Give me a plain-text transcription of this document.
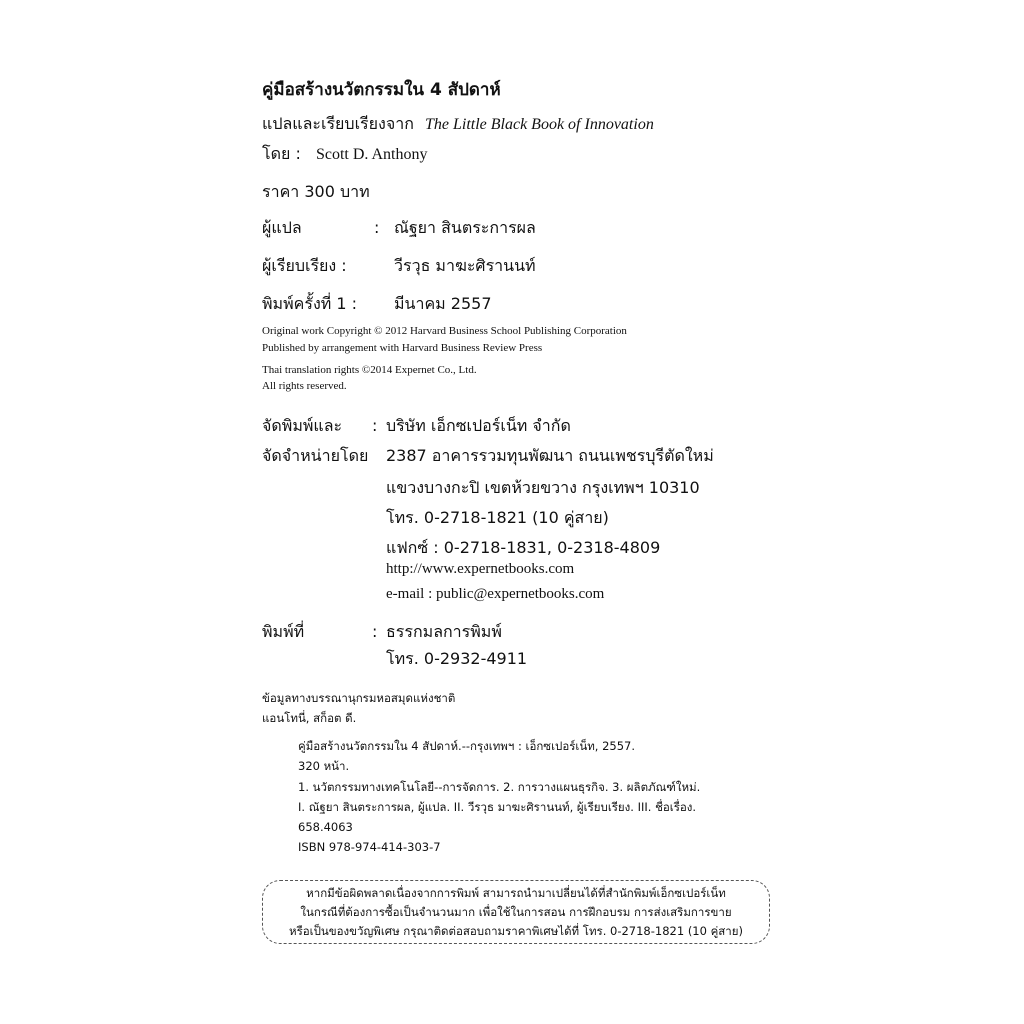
คู่มือสร้างนวัตกรรมใน 4 สัปดาห์
แปลและเรียบเรียงจาก The Little Black Book of Innovation
โดย : Scott D. Anthony
ราคา 300 บาท
ผู้แปล	: ณัฐยา สินตระการผล
ผู้เรียบเรียง :	วีรวุธ มาฆะศิรานนท์
พิมพ์ครั้งที่ 1 : มีนาคม 2557
Original work Copyright © 2012 Harvard Business School Publishing Corporation
Published by arrangement with Harvard Business Review Press
Thai translation rights ©2014 Expernet Co., Ltd.
All rights reserved.
จัดพิมพ์และ : บริษัท เอ็กซเปอร์เน็ท จำกัด
จัดจำหน่ายโดย 2387 อาคารรวมทุนพัฒนา ถนนเพชรบุรีตัดใหม่
แขวงบางกะปิ เขตห้วยขวาง กรุงเทพฯ 10310
โทร. 0-2718-1821 (10 คู่สาย)
แฟกซ์ : 0-2718-1831, 0-2318-4809
http://www.expernetbooks.com
e-mail : public@expernetbooks.com
พิมพ์ที่	: ธรรกมลการพิมพ์
โทร. 0-2932-4911
ข้อมูลทางบรรณานุกรมหอสมุดแห่งชาติ
แอนโทนี่, สก็อต ดี.
คู่มือสร้างนวัตกรรมใน 4 สัปดาห์.--กรุงเทพฯ : เอ็กซเปอร์เน็ท, 2557.
320 หน้า.
1. นวัตกรรมทางเทคโนโลยี--การจัดการ. 2. การวางแผนธุรกิจ. 3. ผลิตภัณฑ์ใหม่.
I. ณัฐยา สินตระการผล, ผู้แปล. II. วีรวุธ มาฆะศิรานนท์, ผู้เรียบเรียง. III. ชื่อเรื่อง.
658.4063
ISBN 978-974-414-303-7
หากมีข้อผิดพลาดเนื่องจากการพิมพ์ สามารถนำมาเปลี่ยนได้ที่สำนักพิมพ์เอ็กซเปอร์เน็ท
ในกรณีที่ต้องการซื้อเป็นจำนวนมาก เพื่อใช้ในการสอน การฝึกอบรม การส่งเสริมการขาย
หรือเป็นของขวัญพิเศษ กรุณาติดต่อสอบถามราคาพิเศษได้ที่ โทร. 0-2718-1821 (10 คู่สาย)
